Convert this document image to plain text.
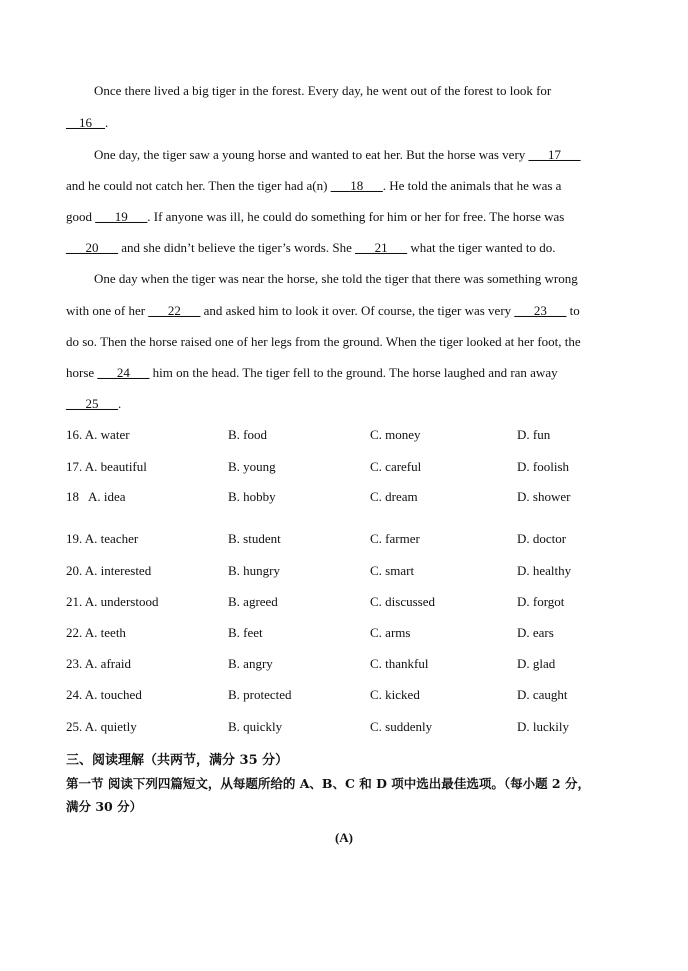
Once there lived a big tiger in the forest. Every day, he went out of the forest to look for
__16__.
One day, the tiger saw a young horse and wanted to eat her. But the horse was very ___17___
and he could not catch her. Then the tiger had a(n) ___18___. He told the animals that he was a
good ___19___. If anyone was ill, he could do something for him or her for free. The horse was
___20___ and she didn’t believe the tiger’s words. She ___21___ what the tiger wanted to do.
One day when the tiger was near the horse, she told the tiger that there was something wrong
with one of her ___22___ and asked him to look it over. Of course, the tiger was very ___23___ to
do so. Then the horse raised one of her legs from the ground. When the tiger looked at her foot, the
horse ___24___ him on the head. The tiger fell to the ground. The horse laughed and ran away
___25___.
16. A. water	B. food	C. money	D. fun
17. A. beautiful	B. young	C. careful	D. foolish
18   A. idea	B. hobby	C. dream	D. shower
19. A. teacher	B. student	C. farmer	D. doctor
20. A. interested	B. hungry	C. smart	D. healthy
21. A. understood	B. agreed	C. discussed	D. forgot
22. A. teeth	B. feet	C. arms	D. ears
23. A. afraid	B. angry	C. thankful	D. glad
24. A. touched	B. protected	C. kicked	D. caught
25. A. quietly	B. quickly	C. suddenly	D. luckily
三、阅读理解（共两节，满分 35 分）
第一节 阅读下列四篇短文，从每题所给的 A、B、C 和 D 项中选出最佳选项。（每小题 2 分，
满分 30 分）
(A)
